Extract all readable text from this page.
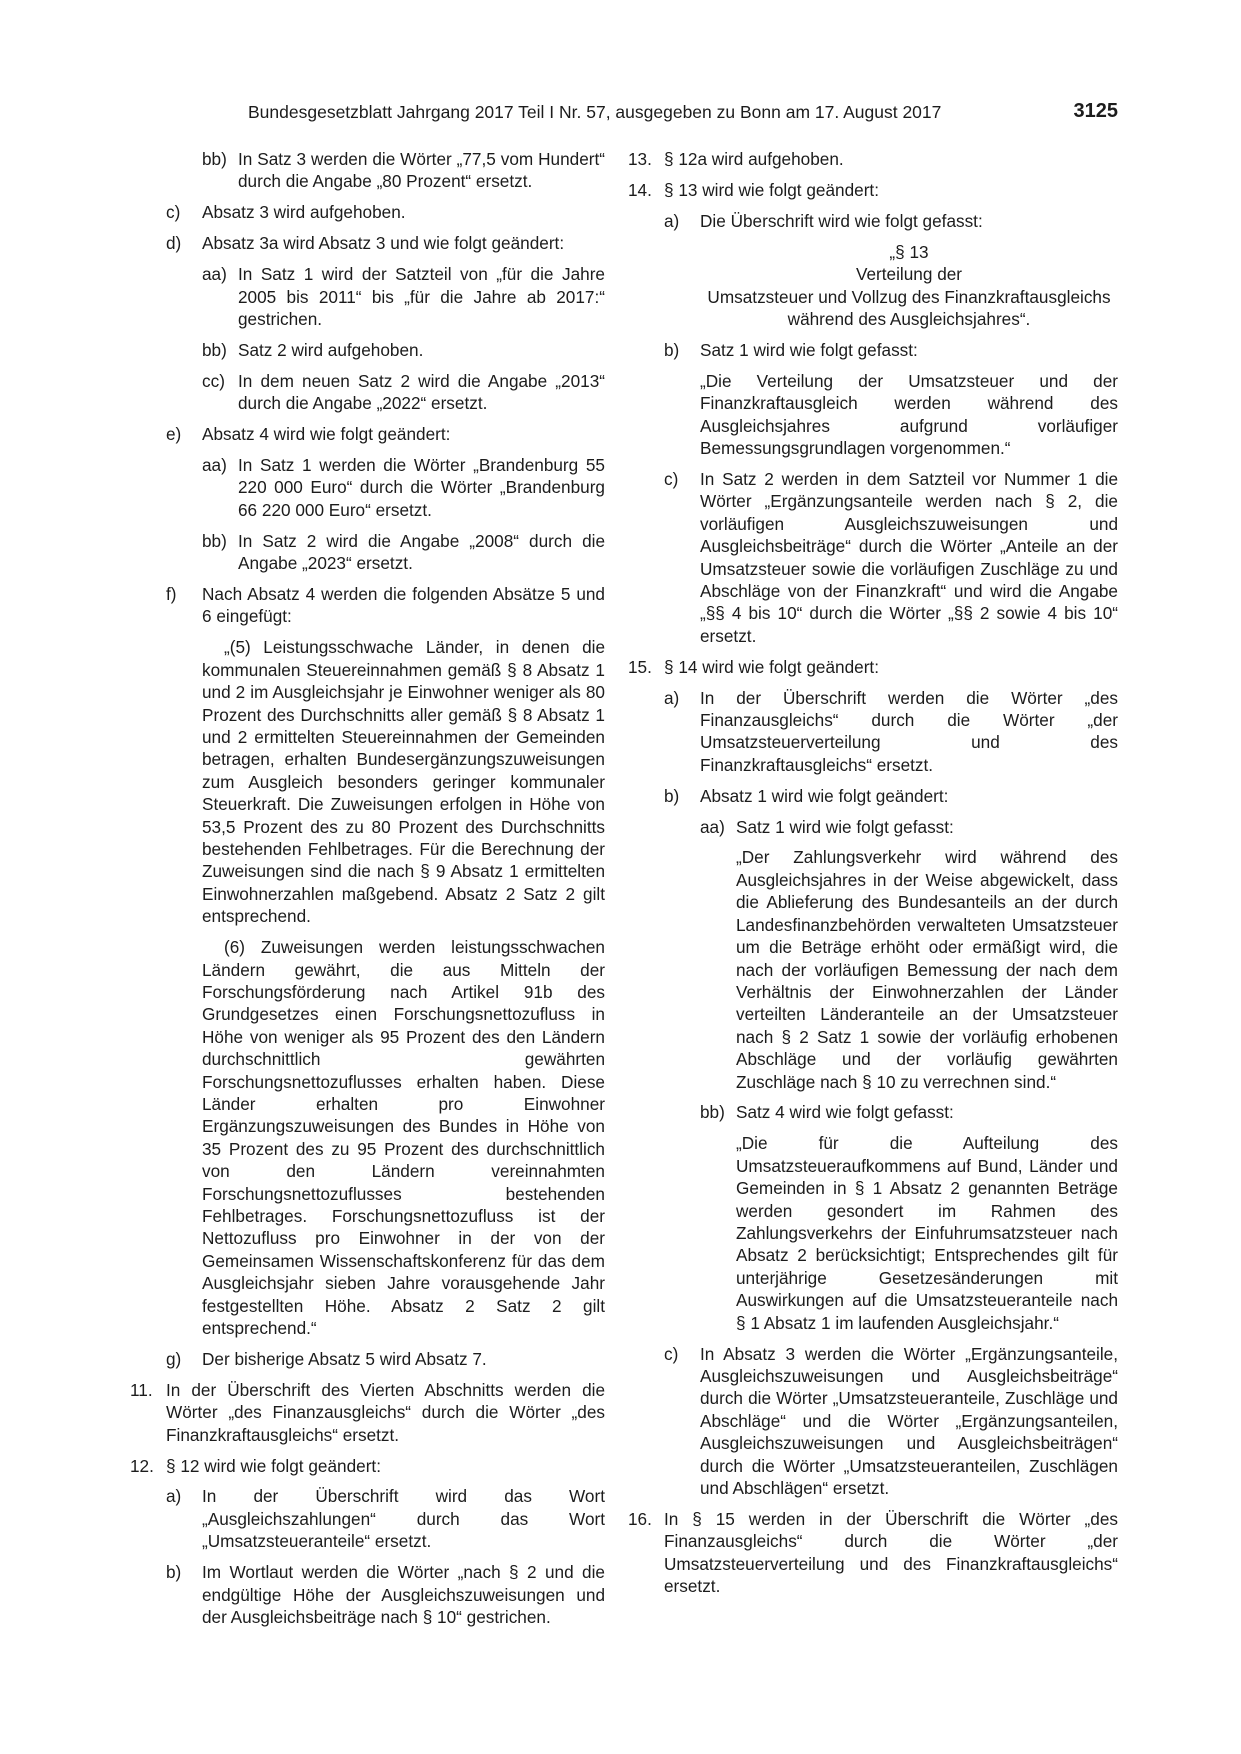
Bundesgesetzblatt Jahrgang 2017 Teil I Nr. 57, ausgegeben zu Bonn am 17. August 2017	3125
bb) In Satz 3 werden die Wörter „77,5 vom Hundert“ durch die Angabe „80 Prozent“ ersetzt.
c) Absatz 3 wird aufgehoben.
d) Absatz 3a wird Absatz 3 und wie folgt geändert:
aa) In Satz 1 wird der Satzteil von „für die Jahre 2005 bis 2011“ bis „für die Jahre ab 2017:“ gestrichen.
bb) Satz 2 wird aufgehoben.
cc) In dem neuen Satz 2 wird die Angabe „2013“ durch die Angabe „2022“ ersetzt.
e) Absatz 4 wird wie folgt geändert:
aa) In Satz 1 werden die Wörter „Brandenburg 55 220 000 Euro“ durch die Wörter „Brandenburg 66 220 000 Euro“ ersetzt.
bb) In Satz 2 wird die Angabe „2008“ durch die Angabe „2023“ ersetzt.
f) Nach Absatz 4 werden die folgenden Absätze 5 und 6 eingefügt:
„(5) Leistungsschwache Länder, in denen die kommunalen Steuereinnahmen gemäß § 8 Absatz 1 und 2 im Ausgleichsjahr je Einwohner weniger als 80 Prozent des Durchschnitts aller gemäß § 8 Absatz 1 und 2 ermittelten Steuereinnahmen der Gemeinden betragen, erhalten Bundesergänzungszuweisungen zum Ausgleich besonders geringer kommunaler Steuerkraft. Die Zuweisungen erfolgen in Höhe von 53,5 Prozent des zu 80 Prozent des Durchschnitts bestehenden Fehlbetrages. Für die Berechnung der Zuweisungen sind die nach § 9 Absatz 1 ermittelten Einwohnerzahlen maßgebend. Absatz 2 Satz 2 gilt entsprechend.
(6) Zuweisungen werden leistungsschwachen Ländern gewährt, die aus Mitteln der Forschungsförderung nach Artikel 91b des Grundgesetzes einen Forschungsnettozufluss in Höhe von weniger als 95 Prozent des den Ländern durchschnittlich gewährten Forschungsnettozuflusses erhalten haben. Diese Länder erhalten pro Einwohner Ergänzungszuweisungen des Bundes in Höhe von 35 Prozent des zu 95 Prozent des durchschnittlich von den Ländern vereinnahmten Forschungsnettozuflusses bestehenden Fehlbetrages. Forschungsnettozufluss ist der Nettozufluss pro Einwohner in der von der Gemeinsamen Wissenschaftskonferenz für das dem Ausgleichsjahr sieben Jahre vorausgehende Jahr festgestellten Höhe. Absatz 2 Satz 2 gilt entsprechend.“
g) Der bisherige Absatz 5 wird Absatz 7.
11. In der Überschrift des Vierten Abschnitts werden die Wörter „des Finanzausgleichs“ durch die Wörter „des Finanzkraftausgleichs“ ersetzt.
12. § 12 wird wie folgt geändert:
a) In der Überschrift wird das Wort „Ausgleichszahlungen“ durch das Wort „Umsatzsteueranteile“ ersetzt.
b) Im Wortlaut werden die Wörter „nach § 2 und die endgültige Höhe der Ausgleichszuweisungen und der Ausgleichsbeiträge nach § 10“ gestrichen.
13. § 12a wird aufgehoben.
14. § 13 wird wie folgt geändert:
a) Die Überschrift wird wie folgt gefasst:
„§ 13
Verteilung der
Umsatzsteuer und Vollzug des Finanzkraftausgleichs während des Ausgleichsjahres“.
b) Satz 1 wird wie folgt gefasst:
„Die Verteilung der Umsatzsteuer und der Finanzkraftausgleich werden während des Ausgleichsjahres aufgrund vorläufiger Bemessungsgrundlagen vorgenommen.“
c) In Satz 2 werden in dem Satzteil vor Nummer 1 die Wörter „Ergänzungsanteile werden nach § 2, die vorläufigen Ausgleichszuweisungen und Ausgleichsbeiträge“ durch die Wörter „Anteile an der Umsatzsteuer sowie die vorläufigen Zuschläge zu und Abschläge von der Finanzkraft“ und wird die Angabe „§§ 4 bis 10“ durch die Wörter „§§ 2 sowie 4 bis 10“ ersetzt.
15. § 14 wird wie folgt geändert:
a) In der Überschrift werden die Wörter „des Finanzausgleichs“ durch die Wörter „der Umsatzsteuerverteilung und des Finanzkraftausgleichs“ ersetzt.
b) Absatz 1 wird wie folgt geändert:
aa) Satz 1 wird wie folgt gefasst:
„Der Zahlungsverkehr wird während des Ausgleichsjahres in der Weise abgewickelt, dass die Ablieferung des Bundesanteils an der durch Landesfinanzbehörden verwalteten Umsatzsteuer um die Beträge erhöht oder ermäßigt wird, die nach der vorläufigen Bemessung der nach dem Verhältnis der Einwohnerzahlen der Länder verteilten Länderanteile an der Umsatzsteuer nach § 2 Satz 1 sowie der vorläufig erhobenen Abschläge und der vorläufig gewährten Zuschläge nach § 10 zu verrechnen sind.“
bb) Satz 4 wird wie folgt gefasst:
„Die für die Aufteilung des Umsatzsteueraufkommens auf Bund, Länder und Gemeinden in § 1 Absatz 2 genannten Beträge werden gesondert im Rahmen des Zahlungsverkehrs der Einfuhrumsatzsteuer nach Absatz 2 berücksichtigt; Entsprechendes gilt für unterjährige Gesetzesänderungen mit Auswirkungen auf die Umsatzsteueranteile nach § 1 Absatz 1 im laufenden Ausgleichsjahr.“
c) In Absatz 3 werden die Wörter „Ergänzungsanteile, Ausgleichszuweisungen und Ausgleichsbeiträge“ durch die Wörter „Umsatzsteueranteile, Zuschläge und Abschläge“ und die Wörter „Ergänzungsanteilen, Ausgleichszuweisungen und Ausgleichsbeiträgen“ durch die Wörter „Umsatzsteueranteilen, Zuschlägen und Abschlägen“ ersetzt.
16. In § 15 werden in der Überschrift die Wörter „des Finanzausgleichs“ durch die Wörter „der Umsatzsteuerverteilung und des Finanzkraftausgleichs“ ersetzt.
